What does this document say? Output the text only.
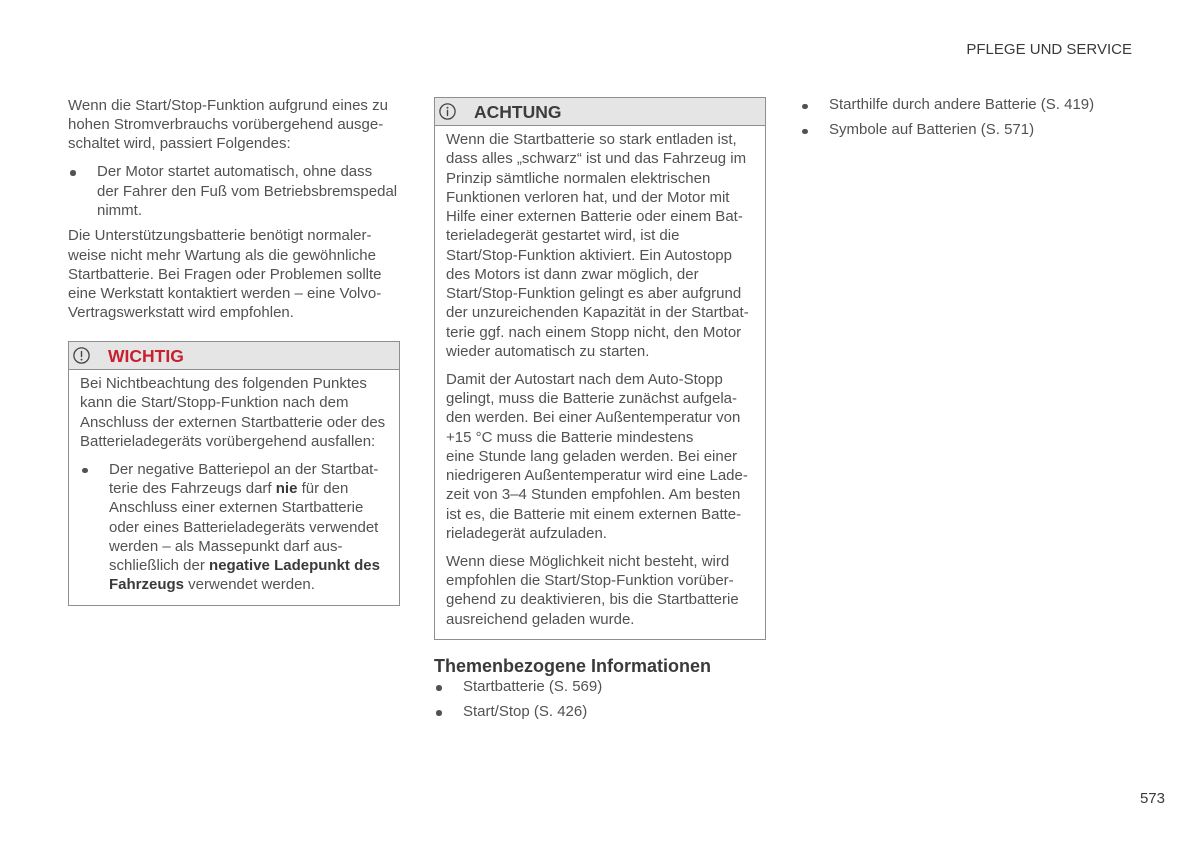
PFLEGE UND SERVICE

Wenn die Start/Stop-Funktion aufgrund eines zu
hohen Stromverbrauchs vorübergehend ausge-
schaltet wird, passiert Folgendes:

Der Motor startet automatisch, ohne dass
der Fahrer den Fuß vom Betriebsbremspedal
nimmt.

Die Unterstützungsbatterie benötigt normaler-
weise nicht mehr Wartung als die gewöhnliche
Startbatterie. Bei Fragen oder Problemen sollte
eine Werkstatt kontaktiert werden – eine Volvo-
Vertragswerkstatt wird empfohlen.

WICHTIG

Bei Nichtbeachtung des folgenden Punktes
kann die Start/Stopp-Funktion nach dem
Anschluss der externen Startbatterie oder des
Batterieladegeräts vorübergehend ausfallen:

Der negative Batteriepol an der Startbat-
terie des Fahrzeugs darf nie für den
Anschluss einer externen Startbatterie
oder eines Batterieladegeräts verwendet
werden – als Massepunkt darf aus-
schließlich der negative Ladepunkt des
Fahrzeugs verwendet werden.

ACHTUNG

Wenn die Startbatterie so stark entladen ist,
dass alles „schwarz“ ist und das Fahrzeug im
Prinzip sämtliche normalen elektrischen
Funktionen verloren hat, und der Motor mit
Hilfe einer externen Batterie oder einem Bat-
terieladegerät gestartet wird, ist die
Start/Stop-Funktion aktiviert. Ein Autostopp
des Motors ist dann zwar möglich, der
Start/Stop-Funktion gelingt es aber aufgrund
der unzureichenden Kapazität in der Startbat-
terie ggf. nach einem Stopp nicht, den Motor
wieder automatisch zu starten.

Damit der Autostart nach dem Auto-Stopp
gelingt, muss die Batterie zunächst aufgela-
den werden. Bei einer Außentemperatur von
+15 °C muss die Batterie mindestens
eine Stunde lang geladen werden. Bei einer
niedrigeren Außentemperatur wird eine Lade-
zeit von 3–4 Stunden empfohlen. Am besten
ist es, die Batterie mit einem externen Batte-
rieladegerät aufzuladen.

Wenn diese Möglichkeit nicht besteht, wird
empfohlen die Start/Stop-Funktion vorüber-
gehend zu deaktivieren, bis die Startbatterie
ausreichend geladen wurde.

Themenbezogene Informationen

Startbatterie (S. 569)

Start/Stop (S. 426)

Starthilfe durch andere Batterie (S. 419)

Symbole auf Batterien (S. 571)

573
